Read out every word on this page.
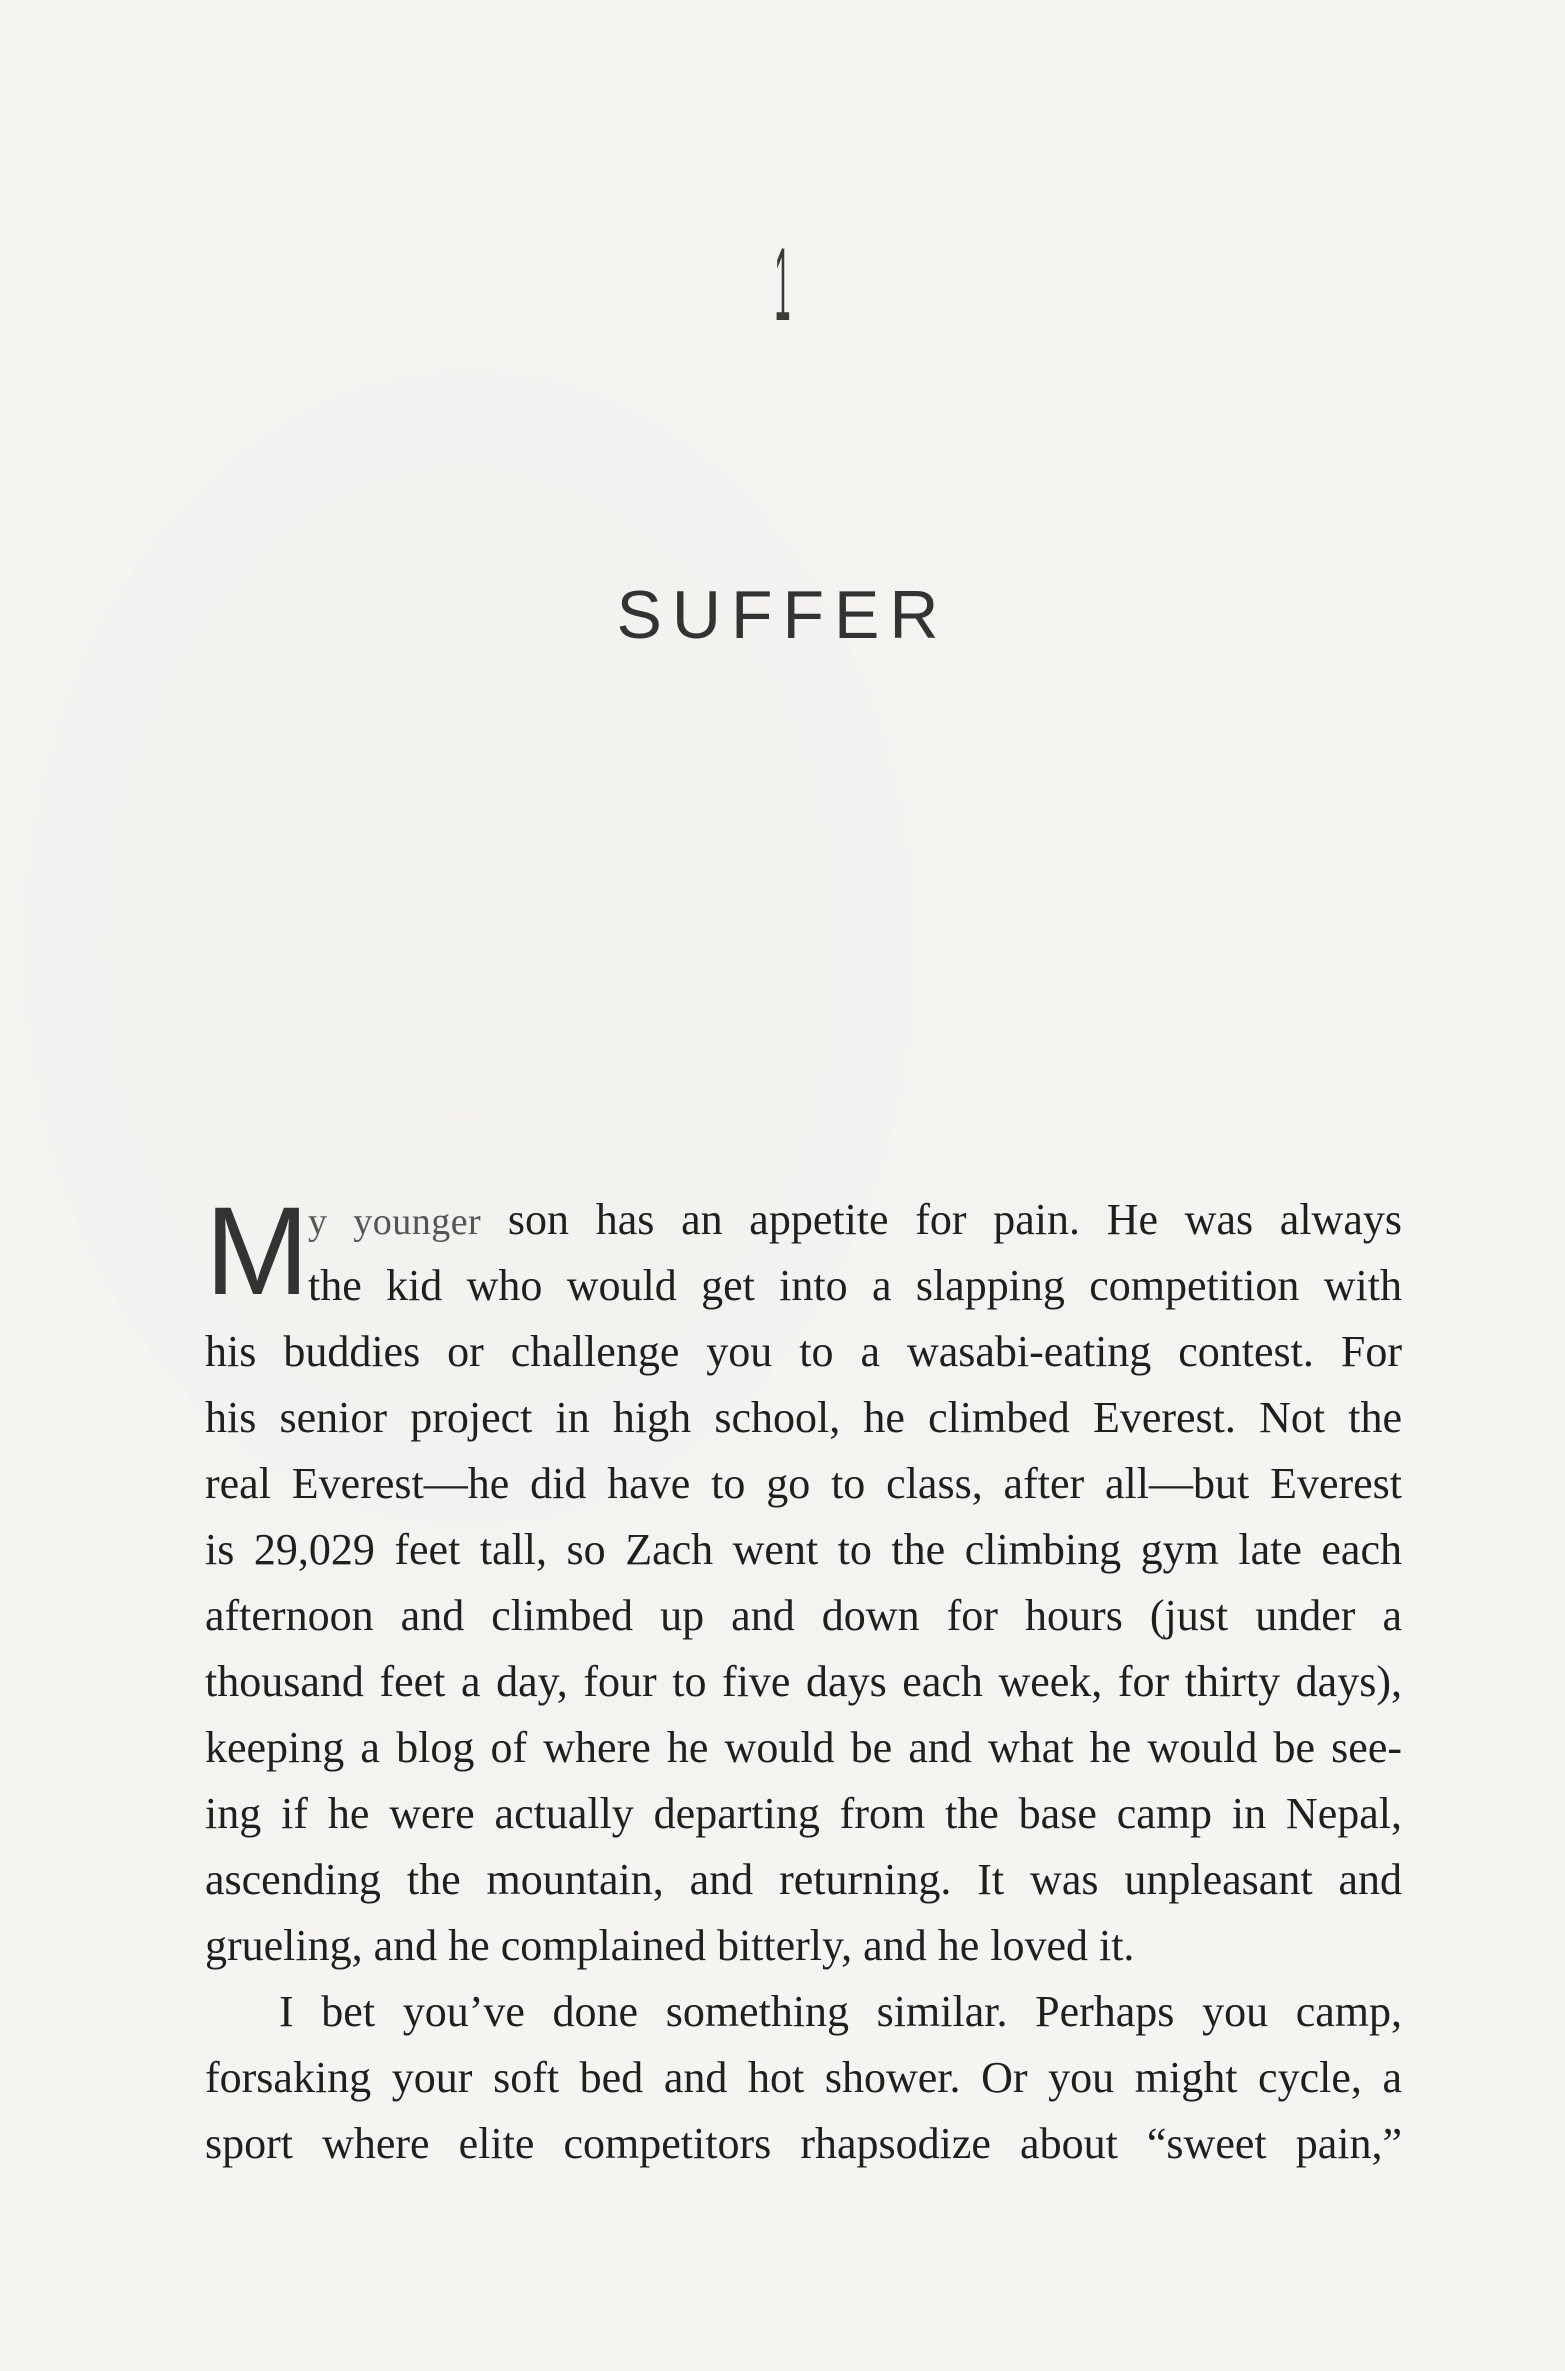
1
SUFFER
M
y younger son has an appetite for pain. He was always
the kid who would get into a slapping competition with
his buddies or challenge you to a wasabi-eating contest. For
his senior project in high school, he climbed Everest. Not the
real Everest—he did have to go to class, after all—but Everest
is 29,029 feet tall, so Zach went to the climbing gym late each
afternoon and climbed up and down for hours (just under a
thousand feet a day, four to five days each week, for thirty days),
keeping a blog of where he would be and what he would be see-
ing if he were actually departing from the base camp in Nepal,
ascending the mountain, and returning. It was unpleasant and
grueling, and he complained bitterly, and he loved it.
I bet you’ve done something similar. Perhaps you camp,
forsaking your soft bed and hot shower. Or you might cycle, a
sport where elite competitors rhapsodize about “sweet pain,”
